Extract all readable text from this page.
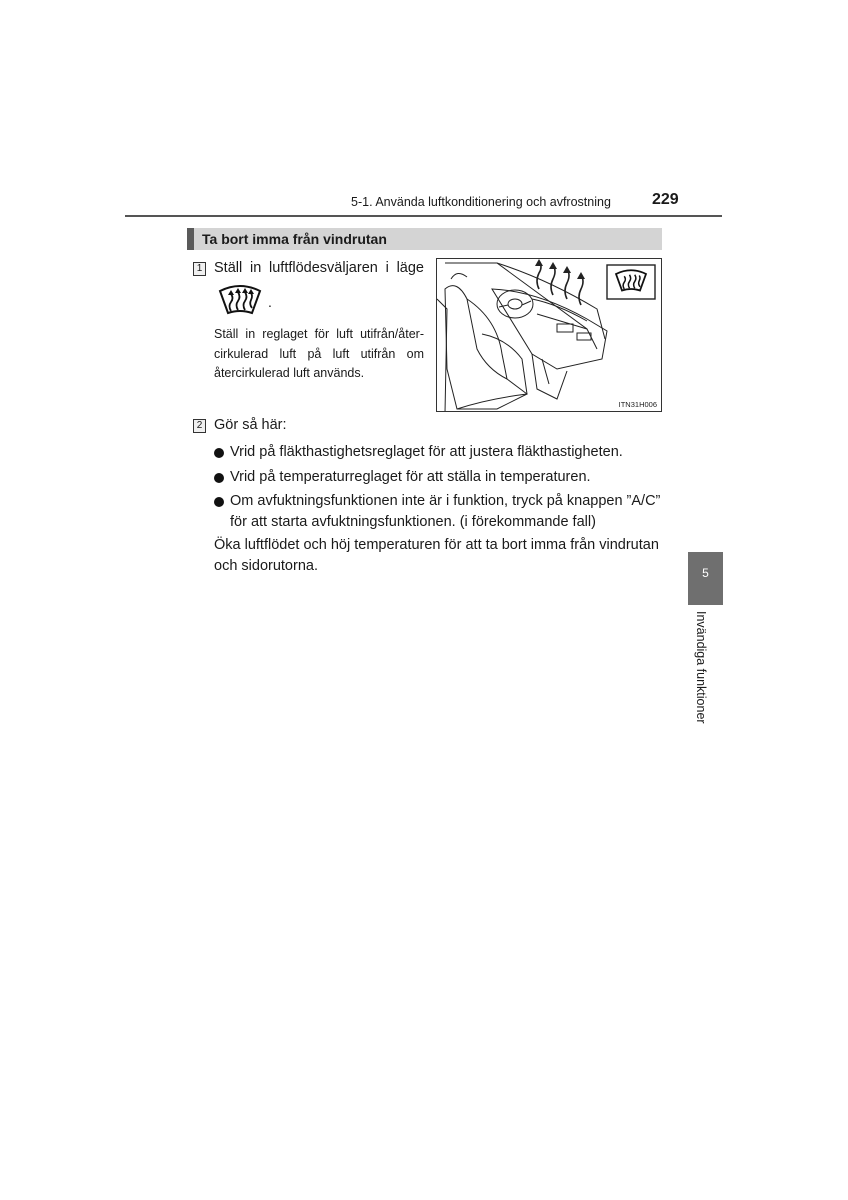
5-1. Använda luftkonditionering och avfrostning	229
Ta bort imma från vindrutan
1 Ställ in luftflödesväljaren i läge
.
Ställ in reglaget för luft utifrån/återcirkulerad luft på luft utifrån om återcirkulerad luft används.
ITN31H006
2 Gör så här:
Vrid på fläkthastighetsreglaget för att justera fläkthastigheten.
Vrid på temperaturreglaget för att ställa in temperaturen.
Om avfuktningsfunktionen inte är i funktion, tryck på knappen ”A/C” för att starta avfuktningsfunktionen. (i förekommande fall)
Öka luftflödet och höj temperaturen för att ta bort imma från vindrutan och sidorutorna.	5
Invändiga funktioner
